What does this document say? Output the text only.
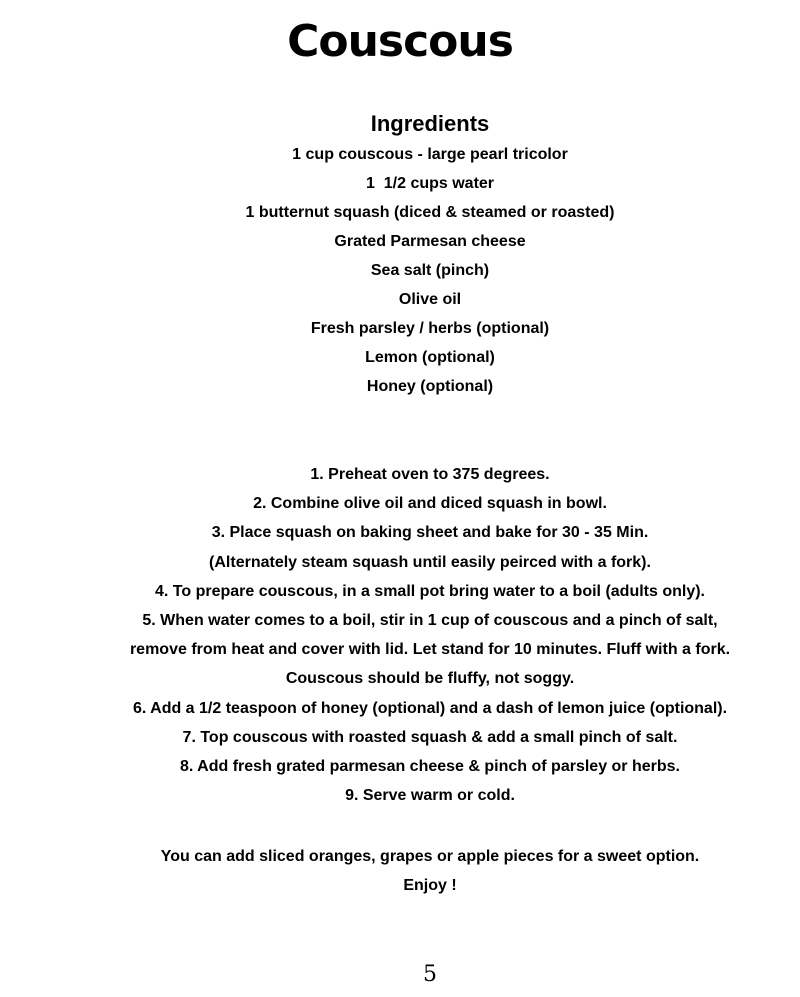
Couscous
Ingredients
1 cup couscous - large pearl tricolor
1  1/2 cups water
1 butternut squash (diced & steamed or roasted)
Grated Parmesan cheese
Sea salt (pinch)
Olive oil
Fresh parsley / herbs (optional)
Lemon (optional)
Honey (optional)
1. Preheat oven to 375 degrees.
2. Combine olive oil and diced squash in bowl.
3. Place squash on baking sheet and bake for 30 - 35 Min.
(Alternately steam squash until easily peirced with a fork).
4. To prepare couscous, in a small pot bring water to a boil (adults only).
5. When water comes to a boil, stir in 1 cup of couscous and a pinch of salt,
remove from heat and cover with lid. Let stand for 10 minutes. Fluff with a fork.
Couscous should be fluffy, not soggy.
6. Add a 1/2 teaspoon of honey (optional) and a dash of lemon juice (optional).
7. Top couscous with roasted squash & add a small pinch of salt.
8. Add fresh grated parmesan cheese & pinch of parsley or herbs.
9. Serve warm or cold.
You can add sliced oranges, grapes or apple pieces for a sweet option.
Enjoy !
5
